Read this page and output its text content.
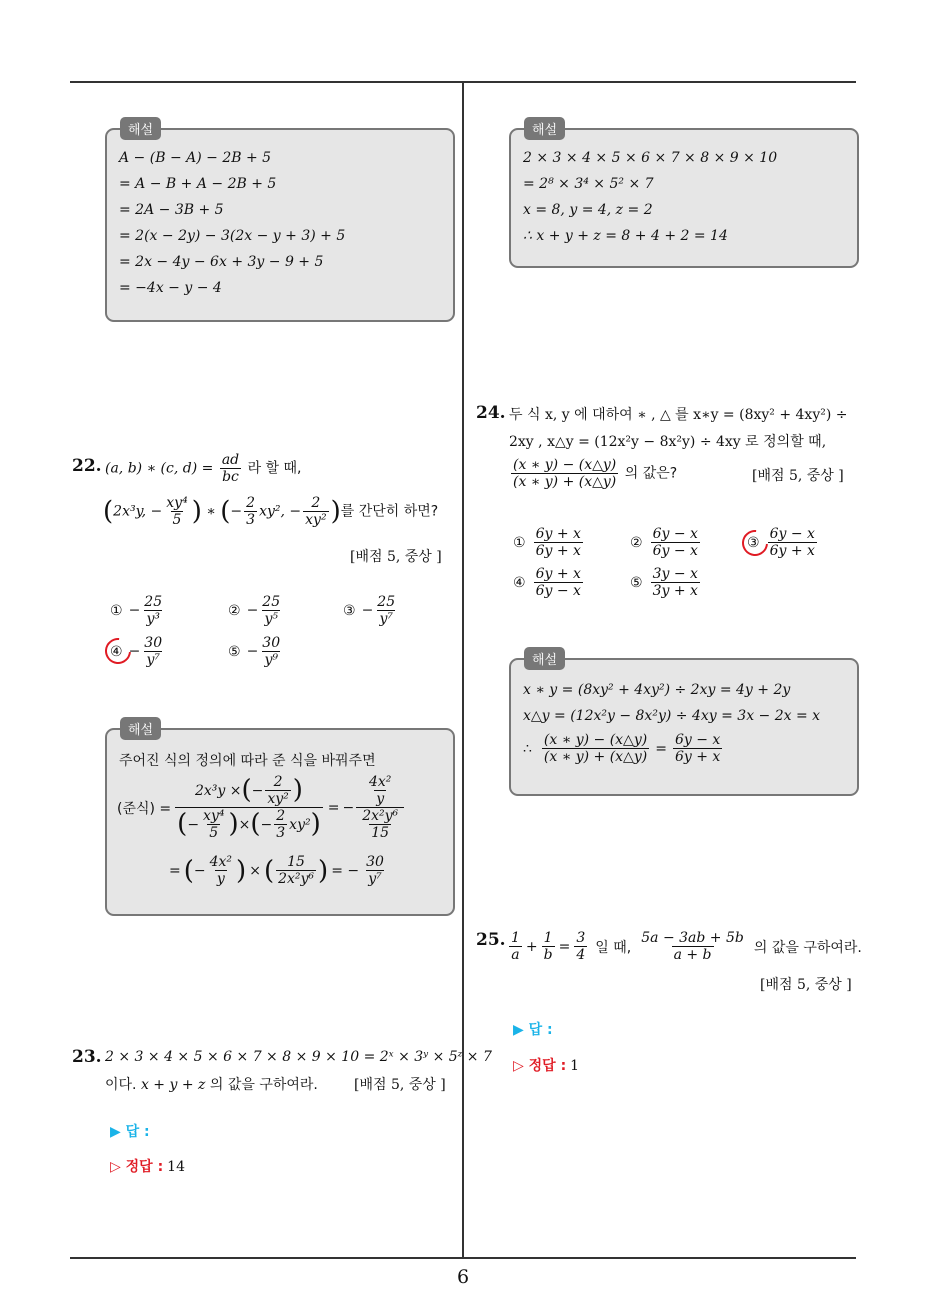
6
해설
A − (B − A) − 2B + 5
= A − B + A − 2B + 5
= 2A − 3B + 5
= 2(x − 2y) − 3(2x − y + 3) + 5
= 2x − 4y − 6x + 3y − 9 + 5
= −4x − y − 4
22. (a, b) ∗ (c, $d) = \frac{ad}{bc}$ 라 할 때,
(2x³y, − $\frac{\text{xy⁴}}{5}$ ) ∗ (− $\frac{2}{3} xy^2$, − $\frac{2}{\text{xy²}}$ )를 간단히 하면?
[배점 5, 중상 ]
① − $\frac{25}{\text{y³}}$	② − $\frac{25}{\text{y⁵}}$	③ − $\frac{25}{\text{y⁷}}$
④ − $\frac{30}{\text{y⁷}}$	⑤ − $\frac{30}{\text{y⁹}}$
해설
주어진 식의 정의에 따라 준 식을 바꿔주면
(준식) = $\frac{2x^3y \times ( - \frac{2}{\text{xy²}} )}{( - \frac{\text{xy⁴}}{5} ) \times ( - \frac{2}{3} xy^2 )}$ = − $\frac{\frac{\text{4x²}}{y}}{\frac{\text{2x²y⁶}}{15}}$
= ( − $\frac{\text{4x²}}{y}$ ) × ( $\frac{15}{\text{2x²y⁶}}$ ) = − $\frac{30}{\text{y⁷}}$
23. 2 × 3 × 4 × 5 × 6 × 7 × 8 × 9 × 10 = 2ˣ × 3ʸ × 5ᶻ × 7
이다. x + y + z 의 값을 구하여라.	[배점 5, 중상 ]
▶ 답 :
▷ 정답 : 14
해설
2 × 3 × 4 × 5 × 6 × 7 × 8 × 9 × 10
= 2⁸ × 3⁴ × 5² × 7
x = 8, y = 4, z = 2
∴ x + y + z = 8 + 4 + 2 = 14
24. 두 식 x, y 에 대하여 ∗ , △ 를 x∗y = (8xy² + 4xy²) ÷
2xy , x△y = (12x²y − 8x²y) ÷ 4xy 로 정의할 때,
$\frac{(x ∗ y) - (x\triangle y)}{(x ∗ y) + (x\triangle y)}$ 의 값은?	[배점 5, 중상 ]
① $\frac{6y + x}{6y + x}$	② $\frac{6y - x}{6y - x}$	③ $\frac{6y - x}{6y + x}$
④ $\frac{6y + x}{6y - x}$	⑤ $\frac{3y - x}{3y + x}$
해설
x ∗ y = (8xy² + 4xy²) ÷ 2xy = 4y + 2y
x△y = (12x²y − 8x²y) ÷ 4xy = 3x − 2x = x
∴ $\frac{(x ∗ y) - (x\triangle y)}{(x ∗ y) + (x\triangle y)} = \frac{6y - x}{6y + x}$
25. $\frac{1}{a} + \frac{1}{b} = \frac{3}{4}$ 일 때, $\frac{5a - 3ab + 5b}{a + b}$ 의 값을 구하여라.
[배점 5, 중상 ]
▶ 답 :
▷ 정답 : 1
